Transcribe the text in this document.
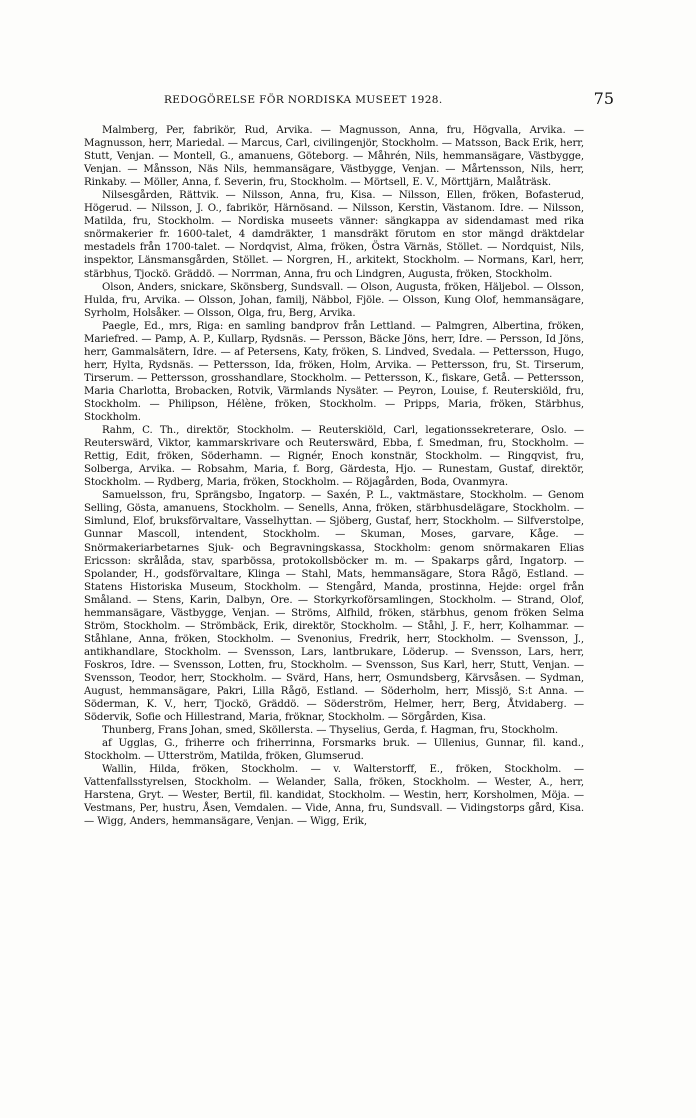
REDOGÖRELSE FÖR NORDISKA MUSEET 1928.	75

Malmberg, Per, fabrikör, Rud, Arvika. — Magnusson, Anna, fru, Högvalla, Arvika. — Magnusson, herr, Mariedal. — Marcus, Carl, civilingenjör, Stockholm. — Matsson, Back Erik, herr, Stutt, Venjan. — Montell, G., amanuens, Göteborg. — Måhrén, Nils, hemmansägare, Västbygge, Venjan. — Månsson, Näs Nils, hemmansägare, Västbygge, Venjan. — Mårtensson, Nils, herr, Rinkaby. — Möller, Anna, f. Severin, fru, Stockholm. — Mörtsell, E. V., Mörttjärn, Malåträsk.

Nilsesgården, Rättvik. — Nilsson, Anna, fru, Kisa. — Nilsson, Ellen, fröken, Bofasterud, Högerud. — Nilsson, J. O., fabrikör, Härnösand. — Nilsson, Kerstin, Västanom. Idre. — Nilsson, Matilda, fru, Stockholm. — Nordiska museets vänner: sängkappa av sidendamast med rika snörmakerier fr. 1600-talet, 4 damdräkter, 1 mansdräkt förutom en stor mängd dräktdelar mestadels från 1700-talet. — Nordqvist, Alma, fröken, Östra Värnäs, Stöllet. — Nordquist, Nils, inspektor, Länsmansgården, Stöllet. — Norgren, H., arkitekt, Stockholm. — Normans, Karl, herr, stärbhus, Tjockö. Gräddö. — Norrman, Anna, fru och Lindgren, Augusta, fröken, Stockholm.

Olson, Anders, snickare, Skönsberg, Sundsvall. — Olson, Augusta, fröken, Häljebol. — Olsson, Hulda, fru, Arvika. — Olsson, Johan, familj, Näbbol, Fjöle. — Olsson, Kung Olof, hemmansägare, Syrholm, Holsåker. — Olsson, Olga, fru, Berg, Arvika.

Paegle, Ed., mrs, Riga: en samling bandprov från Lettland. — Palmgren, Albertina, fröken, Mariefred. — Pamp, A. P., Kullarp, Rydsnäs. — Persson, Bäcke Jöns, herr, Idre. — Persson, Id Jöns, herr, Gammalsätern, Idre. — af Petersens, Katy, fröken, S. Lindved, Svedala. — Pettersson, Hugo, herr, Hylta, Rydsnäs. — Pettersson, Ida, fröken, Holm, Arvika. — Pettersson, fru, St. Tirserum, Tirserum. — Pettersson, grosshandlare, Stockholm. — Pettersson, K., fiskare, Getå. — Pettersson, Maria Charlotta, Brobacken, Rotvik, Värmlands Nysäter. — Peyron, Louise, f. Reuterskiöld, fru, Stockholm. — Philipson, Hélène, fröken, Stockholm. — Pripps, Maria, fröken, Stärbhus, Stockholm.

Rahm, C. Th., direktör, Stockholm. — Reuterskiöld, Carl, legationssekreterare, Oslo. — Reuterswärd, Viktor, kammarskrivare och Reuterswärd, Ebba, f. Smedman, fru, Stockholm. — Rettig, Edit, fröken, Söderhamn. — Rignér, Enoch konstnär, Stockholm. — Ringqvist, fru, Solberga, Arvika. — Robsahm, Maria, f. Borg, Gärdesta, Hjo. — Runestam, Gustaf, direktör, Stockholm. — Rydberg, Maria, fröken, Stockholm. — Röjagården, Boda, Ovanmyra.

Samuelsson, fru, Sprängsbo, Ingatorp. — Saxén, P. L., vaktmästare, Stockholm. — Genom Selling, Gösta, amanuens, Stockholm. — Senells, Anna, fröken, stärbhusdelägare, Stockholm. — Simlund, Elof, bruksförvaltare, Vasselhyttan. — Sjöberg, Gustaf, herr, Stockholm. — Silfverstolpe, Gunnar Mascoll, intendent, Stockholm. — Skuman, Moses, garvare, Kåge. — Snörmakeriarbetarnes Sjuk- och Begravningskassa, Stockholm: genom snörmakaren Elias Ericsson: skrålåda, stav, sparbössa, protokollsböcker m. m. — Spakarps gård, Ingatorp. — Spolander, H., godsförvaltare, Klinga — Stahl, Mats, hemmansägare, Stora Rågö, Estland. — Statens Historiska Museum, Stockholm. — Stengård, Manda, prostinna, Hejde: orgel från Småland. — Stens, Karin, Dalbyn, Ore. — Storkyrkoförsamlingen, Stockholm. — Strand, Olof, hemmansägare, Västbygge, Venjan. — Ströms, Alfhild, fröken, stärbhus, genom fröken Selma Ström, Stockholm. — Strömbäck, Erik, direktör, Stockholm. — Ståhl, J. F., herr, Kolhammar. — Ståhlane, Anna, fröken, Stockholm. — Svenonius, Fredrik, herr, Stockholm. — Svensson, J., antikhandlare, Stockholm. — Svensson, Lars, lantbrukare, Löderup. — Svensson, Lars, herr, Foskros, Idre. — Svensson, Lotten, fru, Stockholm. — Svensson, Sus Karl, herr, Stutt, Venjan. — Svensson, Teodor, herr, Stockholm. — Svärd, Hans, herr, Osmundsberg, Kärvsåsen. — Sydman, August, hemmansägare, Pakri, Lilla Rågö, Estland. — Söderholm, herr, Missjö, S:t Anna. — Söderman, K. V., herr, Tjockö, Gräddö. — Söderström, Helmer, herr, Berg, Åtvidaberg. — Södervik, Sofie och Hillestrand, Maria, fröknar, Stockholm. — Sörgården, Kisa.

Thunberg, Frans Johan, smed, Sköllersta. — Thyselius, Gerda, f. Hagman, fru, Stockholm.

af Ugglas, G., friherre och friherrinna, Forsmarks bruk. — Ullenius, Gunnar, fil. kand., Stockholm. — Utterström, Matilda, fröken, Glumserud.

Wallin, Hilda, fröken, Stockholm. — v. Walterstorff, E., fröken, Stockholm. — Vattenfallsstyrelsen, Stockholm. — Welander, Salla, fröken, Stockholm. — Wester, A., herr, Harstena, Gryt. — Wester, Bertil, fil. kandidat, Stockholm. — Westin, herr, Korsholmen, Möja. — Vestmans, Per, hustru, Åsen, Vemdalen. — Vide, Anna, fru, Sundsvall. — Vidingstorps gård, Kisa. — Wigg, Anders, hemmansägare, Venjan. — Wigg, Erik,
